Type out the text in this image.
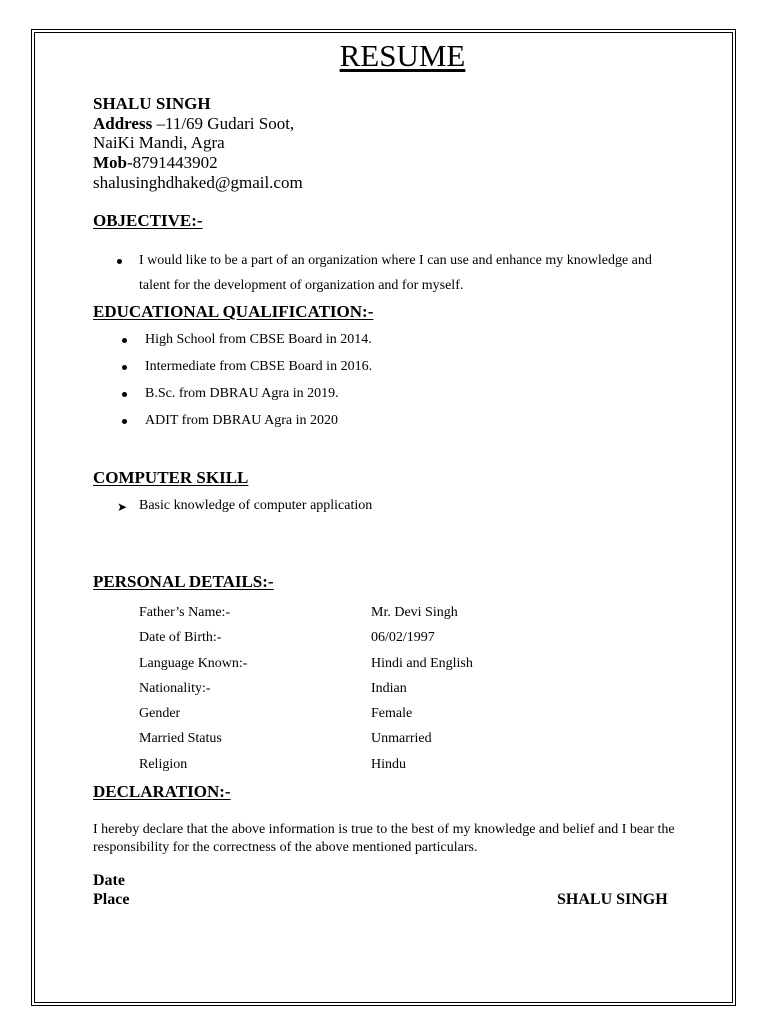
RESUME
SHALU SINGH
Address –11/69 Gudari Soot,
NaiKi Mandi, Agra
Mob-8791443902
shalusinghdhaked@gmail.com
OBJECTIVE:-
I would like to be a part of an organization where I can use and enhance my knowledge and
talent for the development of organization and for myself.
EDUCATIONAL QUALIFICATION:-
High School from CBSE Board in 2014.
Intermediate from CBSE Board in 2016.
B.Sc. from DBRAU Agra in 2019.
ADIT from DBRAU Agra in 2020
COMPUTER SKILL
➤ Basic knowledge of computer application
PERSONAL DETAILS:-
Father’s Name:-	Mr. Devi Singh
Date of Birth:-	06/02/1997
Language Known:-	Hindi and English
Nationality:-	Indian
Gender	Female
Married Status	Unmarried
Religion	Hindu
DECLARATION:-
I hereby declare that the above information is true to the best of my knowledge and belief and I bear the responsibility for the correctness of the above mentioned particulars.
Date
Place	SHALU SINGH
